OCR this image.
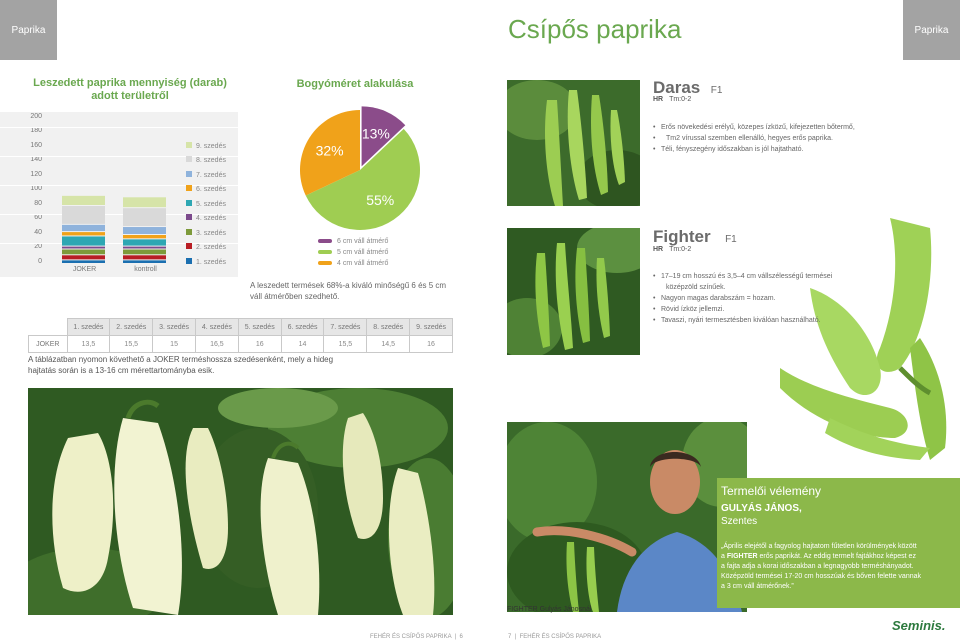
Paprika	Paprika
Csípős paprika
Leszedett paprika mennyiség (darab)
adott területről
200
180
160
140
120
100
80
60
40
20
0
JOKER	kontroll
9. szedés
8. szedés
7. szedés
6. szedés
5. szedés
4. szedés
3. szedés
2. szedés
1. szedés
Bogyóméret alakulása
13%
55%
32%
6 cm váll átmérő
5 cm váll átmérő
4 cm váll átmérő
A leszedett termések 68%-a kiváló minőségű 6 és 5 cm váll átmérőben szedhető.
	1. szedés	2. szedés	3. szedés	4. szedés	5. szedés	6. szedés	7. szedés	8. szedés	9. szedés
JOKER	13,5	15,5	15	16,5	16	14	15,5	14,5	16
A táblázatban nyomon követhető a JOKER terméshossza szedésenként, mely a hideg hajtatás során is a 13-16 cm mérettartományba esik.
Daras F1
HR Tm:0-2
• Erős növekedési erélyű, közepes ízközű, kifejezetten bőtermő,
• Tm2 vírussal szemben ellenálló, hegyes erős paprika.
• Téli, fényszegény időszakban is jól hajtatható.
Fighter F1
HR Tm:0-2
• 17–19 cm hosszú és 3,5–4 cm vállszélességű termései
középzöld színűek.
• Nagyon magas darabszám = hozam.
• Rövid ízköz jellemzi.
• Tavaszi, nyári termesztésben kiválóan használható.
FIGHTER Gulyás Jánosnál
Termelői vélemény
GULYÁS JÁNOS,
Szentes
„Április elejétől a fagyolog hajtatom fűtetlen körülmények között
a FIGHTER erős paprikát. Az eddig termelt fajtákhoz képest ez
a fajta adja a korai időszakban a legnagyobb terméshányadot.
Középzöld termései 17-20 cm hosszúak és bőven felette vannak
a 3 cm váll átmérőnek.”
FEHÉR ÉS CSÍPŐS PAPRIKA  |  6	7  |  FEHÉR ÉS CSÍPŐS PAPRIKA
Seminis.
